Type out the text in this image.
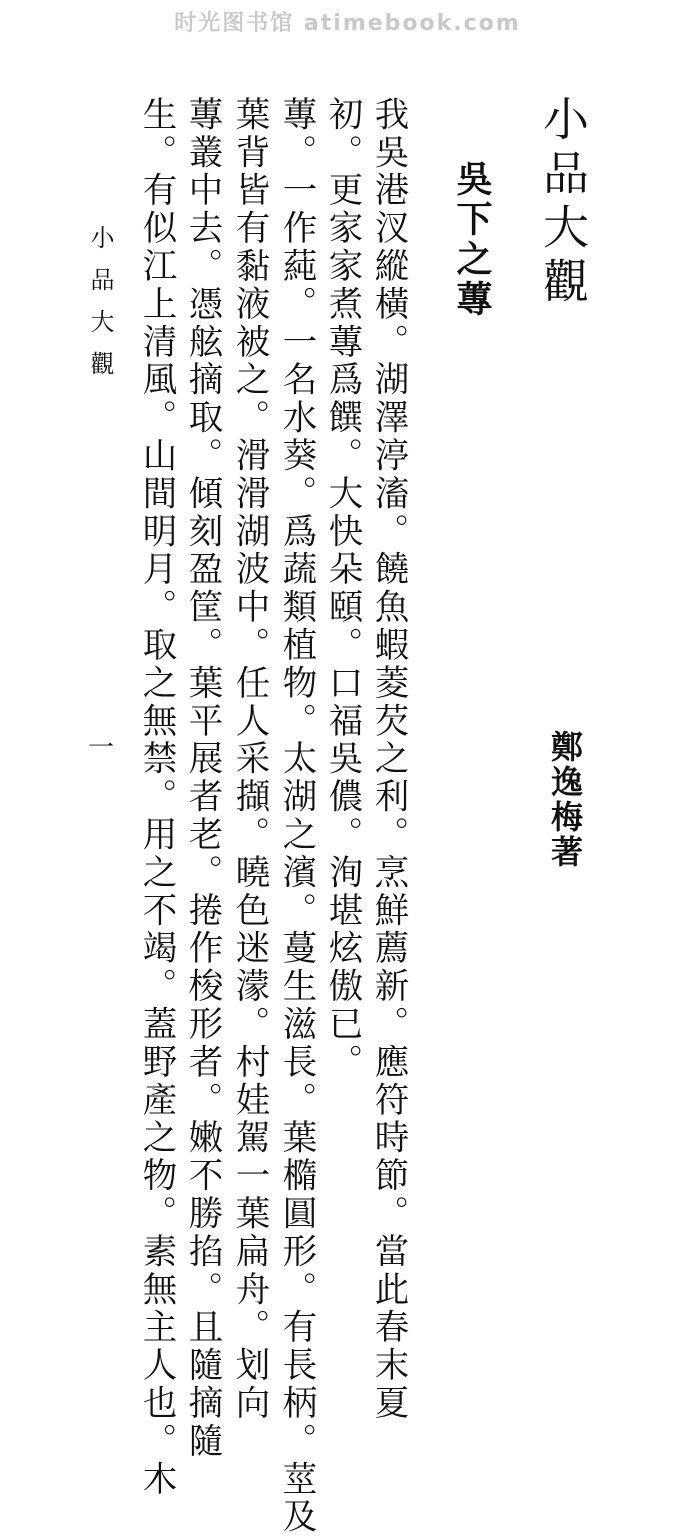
时光图书馆 atimebook.com
小品大觀
吳下之蓴
鄭逸梅著
我吳港汊縱橫。湖澤渟滀。饒魚蝦菱芡之利。烹鮮薦新。應符時節。當此春末夏
初。更家家煮蓴爲饌。大快朵頤。口福吳儂。洵堪炫傲已。
蓴。一作蒓。一名水葵。爲蔬類植物。太湖之濱。蔓生滋長。葉橢圓形。有長柄。莖及
葉背皆有黏液被之。滑滑湖波中。任人采擷。曉色迷濛。村娃駕一葉扁舟。划向
蓴叢中去。憑舷摘取。傾刻盈筐。葉平展者老。捲作梭形者。嫩不勝掐。且隨摘隨
生。有似江上清風。山間明月。取之無禁。用之不竭。蓋野產之物。素無主人也。木
小品大觀
一
